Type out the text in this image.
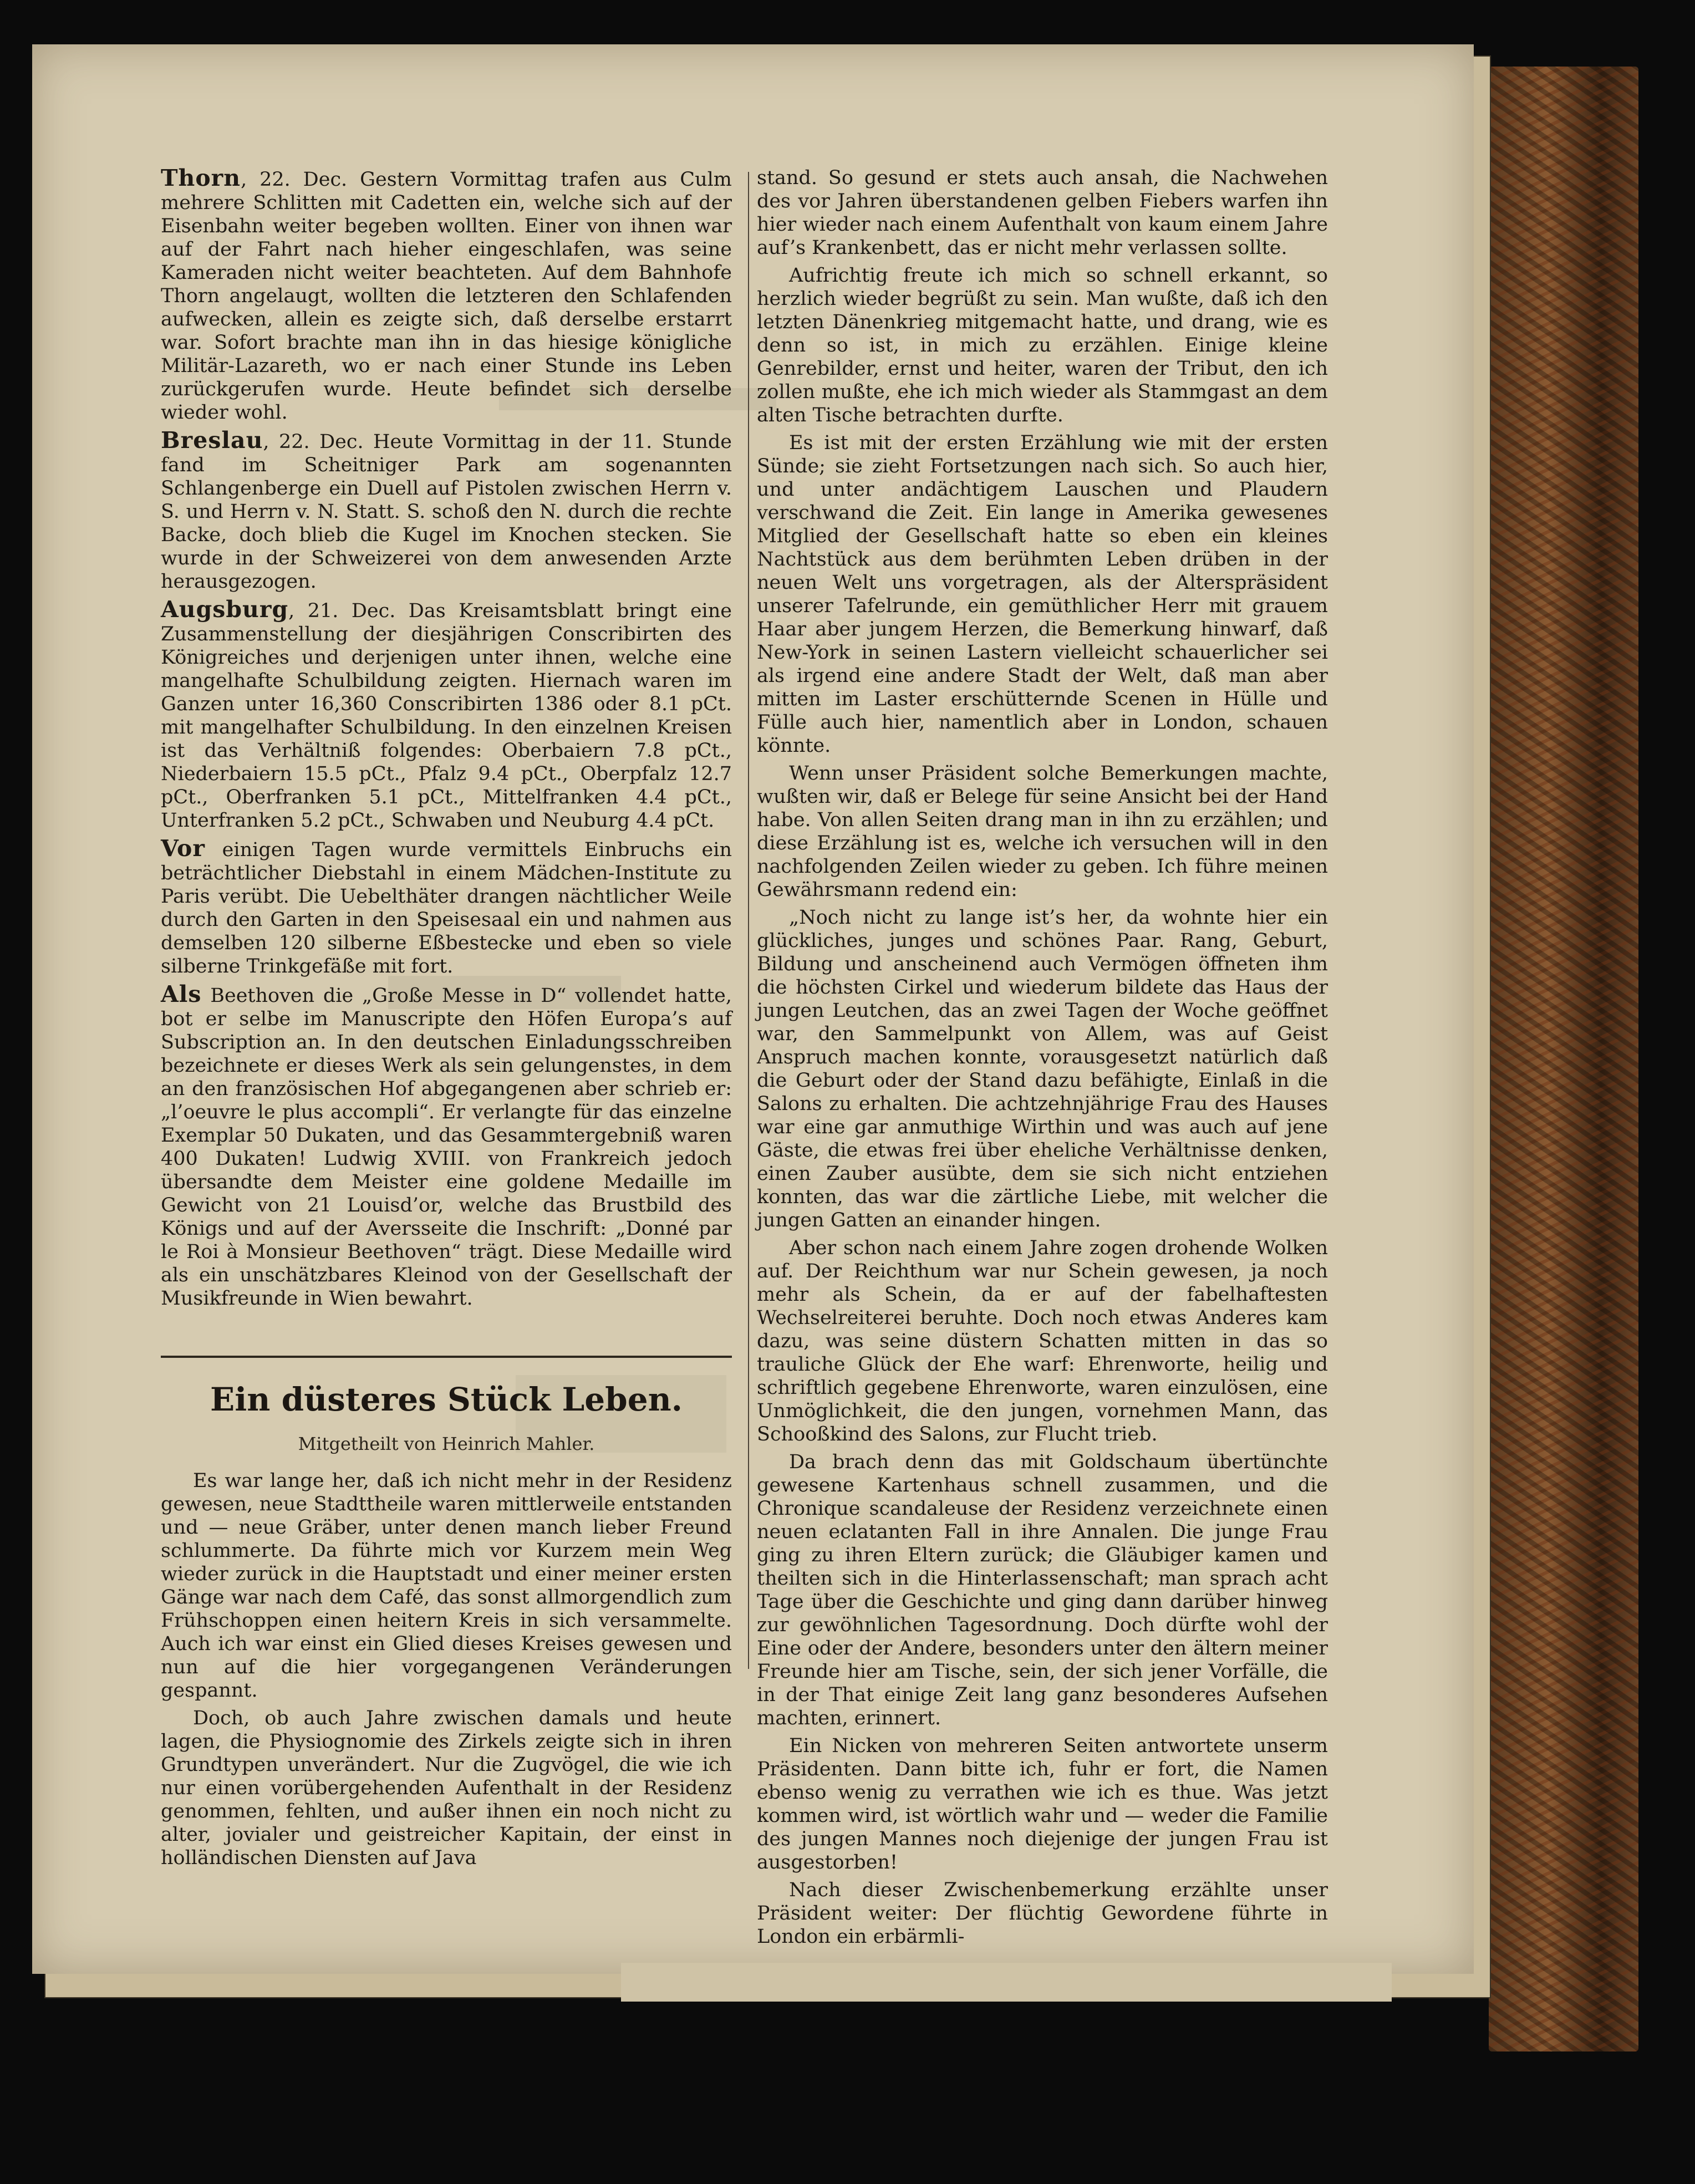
Thorn, 22. Dec. Gestern Vormittag trafen aus Culm mehrere Schlitten mit Cadetten ein, welche sich auf der Eisenbahn weiter begeben wollten. Einer von ihnen war auf der Fahrt nach hieher eingeschlafen, was seine Kameraden nicht weiter beachteten. Auf dem Bahnhofe Thorn angelaugt, wollten die letzteren den Schlafenden aufwecken, allein es zeigte sich, daß derselbe erstarrt war. Sofort brachte man ihn in das hiesige königliche Militär-Lazareth, wo er nach einer Stunde ins Leben zurückgerufen wurde. Heute befindet sich derselbe wieder wohl.

Breslau, 22. Dec. Heute Vormittag in der 11. Stunde fand im Scheitniger Park am sogenannten Schlangenberge ein Duell auf Pistolen zwischen Herrn v. S. und Herrn v. N. Statt. S. schoß den N. durch die rechte Backe, doch blieb die Kugel im Knochen stecken. Sie wurde in der Schweizerei von dem anwesenden Arzte herausgezogen.

Augsburg, 21. Dec. Das Kreisamtsblatt bringt eine Zusammenstellung der diesjährigen Conscribirten des Königreiches und derjenigen unter ihnen, welche eine mangelhafte Schulbildung zeigten. Hiernach waren im Ganzen unter 16,360 Conscribirten 1386 oder 8.1 pCt. mit mangelhafter Schulbildung. In den einzelnen Kreisen ist das Verhältniß folgendes: Oberbaiern 7.8 pCt., Niederbaiern 15.5 pCt., Pfalz 9.4 pCt., Oberpfalz 12.7 pCt., Oberfranken 5.1 pCt., Mittelfranken 4.4 pCt., Unterfranken 5.2 pCt., Schwaben und Neuburg 4.4 pCt.

Vor einigen Tagen wurde vermittels Einbruchs ein beträchtlicher Diebstahl in einem Mädchen-Institute zu Paris verübt. Die Uebelthäter drangen nächtlicher Weile durch den Garten in den Speisesaal ein und nahmen aus demselben 120 silberne Eßbestecke und eben so viele silberne Trinkgefäße mit fort.

Als Beethoven die „Große Messe in D“ vollendet hatte, bot er selbe im Manuscripte den Höfen Europa’s auf Subscription an. In den deutschen Einladungsschreiben bezeichnete er dieses Werk als sein gelungenstes, in dem an den französischen Hof abgegangenen aber schrieb er: „l’oeuvre le plus accompli“. Er verlangte für das einzelne Exemplar 50 Dukaten, und das Gesammtergebniß waren 400 Dukaten! Ludwig XVIII. von Frankreich jedoch übersandte dem Meister eine goldene Medaille im Gewicht von 21 Louisd’or, welche das Brustbild des Königs und auf der Aversseite die Inschrift: „Donné par le Roi à Monsieur Beethoven“ trägt. Diese Medaille wird als ein unschätzbares Kleinod von der Gesellschaft der Musikfreunde in Wien bewahrt.

Ein düsteres Stück Leben.
Mitgetheilt von Heinrich Mahler.

Es war lange her, daß ich nicht mehr in der Residenz gewesen, neue Stadttheile waren mittlerweile entstanden und — neue Gräber, unter denen manch lieber Freund schlummerte. Da führte mich vor Kurzem mein Weg wieder zurück in die Hauptstadt und einer meiner ersten Gänge war nach dem Café, das sonst allmorgendlich zum Frühschoppen einen heitern Kreis in sich versammelte. Auch ich war einst ein Glied dieses Kreises gewesen und nun auf die hier vorgegangenen Veränderungen gespannt.

Doch, ob auch Jahre zwischen damals und heute lagen, die Physiognomie des Zirkels zeigte sich in ihren Grundtypen unverändert. Nur die Zugvögel, die wie ich nur einen vorübergehenden Aufenthalt in der Residenz genommen, fehlten, und außer ihnen ein noch nicht zu alter, jovialer und geistreicher Kapitain, der einst in holländischen Diensten auf Java

stand. So gesund er stets auch ansah, die Nachwehen des vor Jahren überstandenen gelben Fiebers warfen ihn hier wieder nach einem Aufenthalt von kaum einem Jahre auf’s Krankenbett, das er nicht mehr verlassen sollte.

Aufrichtig freute ich mich so schnell erkannt, so herzlich wieder begrüßt zu sein. Man wußte, daß ich den letzten Dänenkrieg mitgemacht hatte, und drang, wie es denn so ist, in mich zu erzählen. Einige kleine Genrebilder, ernst und heiter, waren der Tribut, den ich zollen mußte, ehe ich mich wieder als Stammgast an dem alten Tische betrachten durfte.

Es ist mit der ersten Erzählung wie mit der ersten Sünde; sie zieht Fortsetzungen nach sich. So auch hier, und unter andächtigem Lauschen und Plaudern verschwand die Zeit. Ein lange in Amerika gewesenes Mitglied der Gesellschaft hatte so eben ein kleines Nachtstück aus dem berühmten Leben drüben in der neuen Welt uns vorgetragen, als der Alterspräsident unserer Tafelrunde, ein gemüthlicher Herr mit grauem Haar aber jungem Herzen, die Bemerkung hinwarf, daß New-York in seinen Lastern vielleicht schauerlicher sei als irgend eine andere Stadt der Welt, daß man aber mitten im Laster erschütternde Scenen in Hülle und Fülle auch hier, namentlich aber in London, schauen könnte.

Wenn unser Präsident solche Bemerkungen machte, wußten wir, daß er Belege für seine Ansicht bei der Hand habe. Von allen Seiten drang man in ihn zu erzählen; und diese Erzählung ist es, welche ich versuchen will in den nachfolgenden Zeilen wieder zu geben. Ich führe meinen Gewährsmann redend ein:

„Noch nicht zu lange ist’s her, da wohnte hier ein glückliches, junges und schönes Paar. Rang, Geburt, Bildung und anscheinend auch Vermögen öffneten ihm die höchsten Cirkel und wiederum bildete das Haus der jungen Leutchen, das an zwei Tagen der Woche geöffnet war, den Sammelpunkt von Allem, was auf Geist Anspruch machen konnte, vorausgesetzt natürlich daß die Geburt oder der Stand dazu befähigte, Einlaß in die Salons zu erhalten. Die achtzehnjährige Frau des Hauses war eine gar anmuthige Wirthin und was auch auf jene Gäste, die etwas frei über eheliche Verhältnisse denken, einen Zauber ausübte, dem sie sich nicht entziehen konnten, das war die zärtliche Liebe, mit welcher die jungen Gatten an einander hingen.

Aber schon nach einem Jahre zogen drohende Wolken auf. Der Reichthum war nur Schein gewesen, ja noch mehr als Schein, da er auf der fabelhaftesten Wechselreiterei beruhte. Doch noch etwas Anderes kam dazu, was seine düstern Schatten mitten in das so trauliche Glück der Ehe warf: Ehrenworte, heilig und schriftlich gegebene Ehrenworte, waren einzulösen, eine Unmöglichkeit, die den jungen, vornehmen Mann, das Schooßkind des Salons, zur Flucht trieb.

Da brach denn das mit Goldschaum übertünchte gewesene Kartenhaus schnell zusammen, und die Chronique scandaleuse der Residenz verzeichnete einen neuen eclatanten Fall in ihre Annalen. Die junge Frau ging zu ihren Eltern zurück; die Gläubiger kamen und theilten sich in die Hinterlassenschaft; man sprach acht Tage über die Geschichte und ging dann darüber hinweg zur gewöhnlichen Tagesordnung. Doch dürfte wohl der Eine oder der Andere, besonders unter den ältern meiner Freunde hier am Tische, sein, der sich jener Vorfälle, die in der That einige Zeit lang ganz besonderes Aufsehen machten, erinnert.

Ein Nicken von mehreren Seiten antwortete unserm Präsidenten. Dann bitte ich, fuhr er fort, die Namen ebenso wenig zu verrathen wie ich es thue. Was jetzt kommen wird, ist wörtlich wahr und — weder die Familie des jungen Mannes noch diejenige der jungen Frau ist ausgestorben!

Nach dieser Zwischenbemerkung erzählte unser Präsident weiter: Der flüchtig Gewordene führte in London ein erbärmli-
